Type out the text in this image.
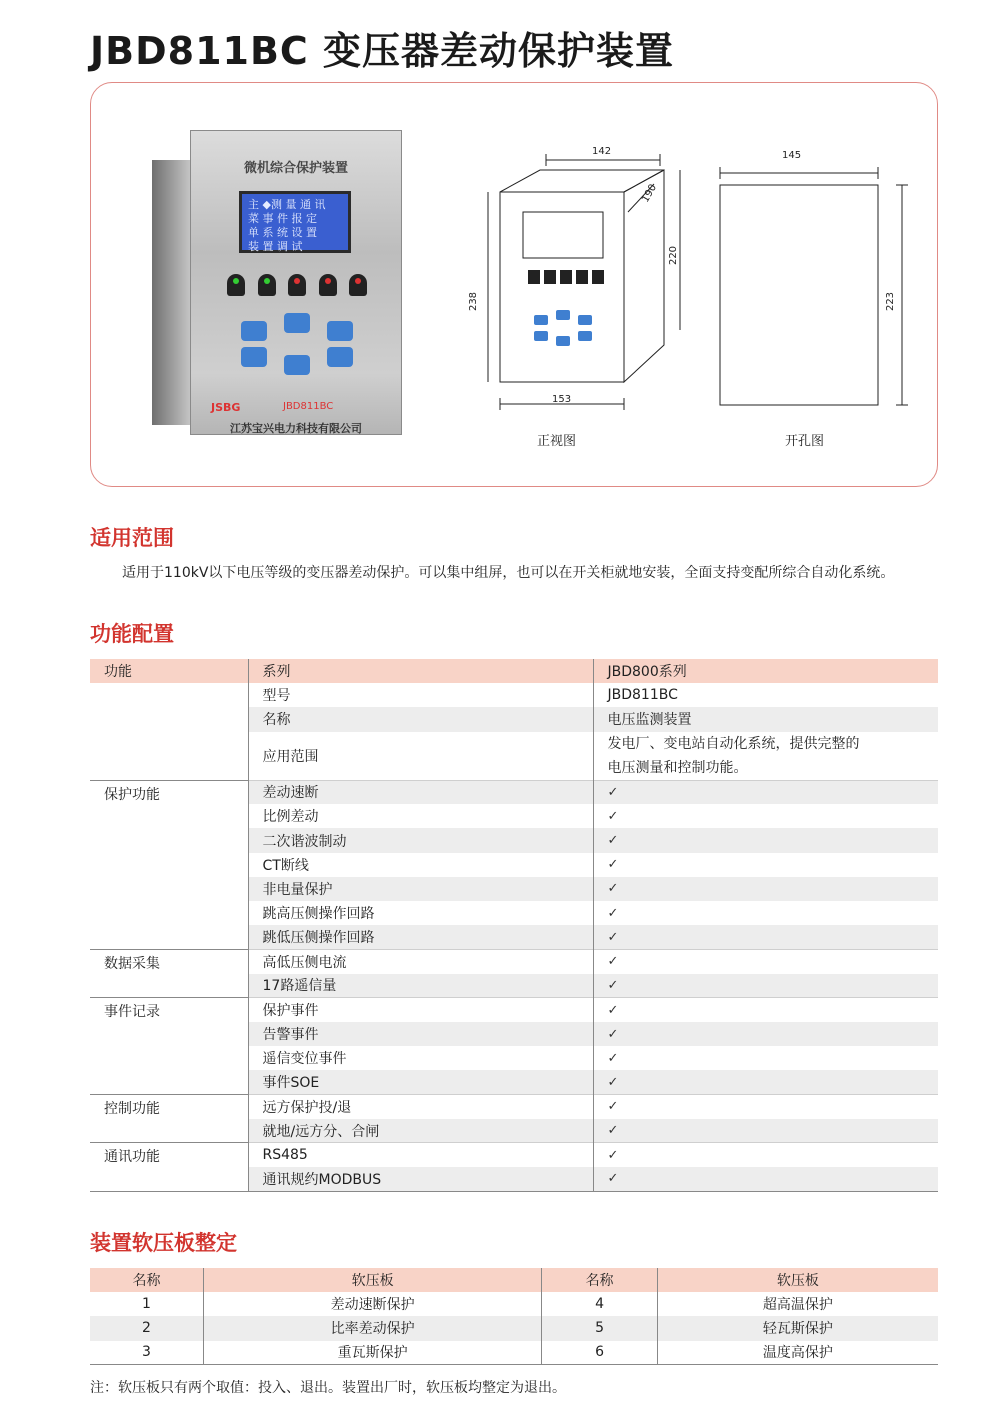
JBD811BC 变压器差动保护装置
微机综合保护装置
主 ◆测 量 通 讯
菜 事 件 报 定
单 系 统 设 置
装 置 调 试
JSBG	JBD811BC
江苏宝兴电力科技有限公司
142
190
220
238
153
正视图
145
223
开孔图
适用范围
适用于110kV以下电压等级的变压器差动保护。可以集中组屏，也可以在开关柜就地安装，全面支持变配所综合自动化系统。
功能配置
功能	系列	JBD800系列
	型号	JBD811BC
	名称	电压监测装置
	应用范围	发电厂、变电站自动化系统，提供完整的电压测量和控制功能。
保护功能	差动速断	✓
	比例差动	✓
	二次谐波制动	✓
	CT断线	✓
	非电量保护	✓
	跳高压侧操作回路	✓
	跳低压侧操作回路	✓
数据采集	高低压侧电流	✓
	17路遥信量	✓
事件记录	保护事件	✓
	告警事件	✓
	遥信变位事件	✓
	事件SOE	✓
控制功能	远方保护投/退	✓
	就地/远方分、合闸	✓
通讯功能	RS485	✓
	通讯规约MODBUS	✓
装置软压板整定
名称	软压板	名称	软压板
1	差动速断保护	4	超高温保护
2	比率差动保护	5	轻瓦斯保护
3	重瓦斯保护	6	温度高保护
注：软压板只有两个取值：投入、退出。装置出厂时，软压板均整定为退出。
